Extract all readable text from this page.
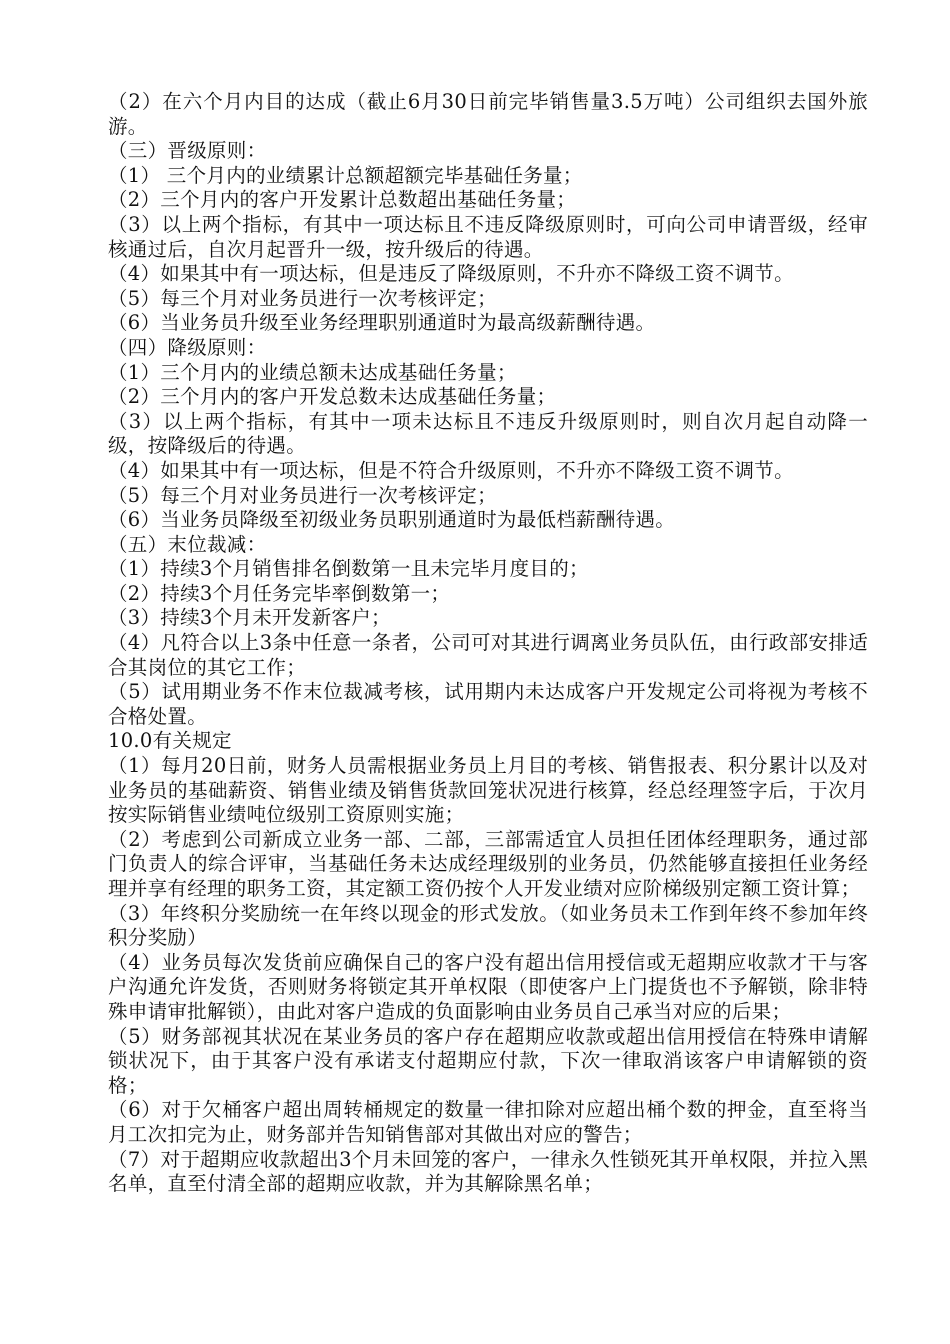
（2）在六个月内目的达成（截止6月30日前完毕销售量3.5万吨）公司组织去国外旅游。

（三）晋级原则：

（1） 三个月内的业绩累计总额超额完毕基础任务量；

（2）三个月内的客户开发累计总数超出基础任务量；

（3）以上两个指标，有其中一项达标且不违反降级原则时，可向公司申请晋级，经审核通过后，自次月起晋升一级，按升级后的待遇。

（4）如果其中有一项达标，但是违反了降级原则，不升亦不降级工资不调节。

（5）每三个月对业务员进行一次考核评定；

（6）当业务员升级至业务经理职别通道时为最高级薪酬待遇。

（四）降级原则：

（1）三个月内的业绩总额未达成基础任务量；

（2）三个月内的客户开发总数未达成基础任务量；

（3）以上两个指标，有其中一项未达标且不违反升级原则时，则自次月起自动降一级，按降级后的待遇。

（4）如果其中有一项达标，但是不符合升级原则，不升亦不降级工资不调节。

（5）每三个月对业务员进行一次考核评定；

（6）当业务员降级至初级业务员职别通道时为最低档薪酬待遇。

（五）末位裁减：

（1）持续3个月销售排名倒数第一且未完毕月度目的；

（2）持续3个月任务完毕率倒数第一；

（3）持续3个月未开发新客户；

（4）凡符合以上3条中任意一条者，公司可对其进行调离业务员队伍，由行政部安排适合其岗位的其它工作；

（5）试用期业务不作末位裁减考核，试用期内未达成客户开发规定公司将视为考核不合格处置。

10.0有关规定

（1）每月20日前，财务人员需根据业务员上月目的考核、销售报表、积分累计以及对业务员的基础薪资、销售业绩及销售货款回笼状况进行核算，经总经理签字后，于次月按实际销售业绩吨位级别工资原则实施；

（2）考虑到公司新成立业务一部、二部，三部需适宜人员担任团体经理职务，通过部门负责人的综合评审，当基础任务未达成经理级别的业务员，仍然能够直接担任业务经理并享有经理的职务工资，其定额工资仍按个人开发业绩对应阶梯级别定额工资计算；

（3）年终积分奖励统一在年终以现金的形式发放。（如业务员未工作到年终不参加年终积分奖励）

（4）业务员每次发货前应确保自己的客户没有超出信用授信或无超期应收款才干与客户沟通允许发货，否则财务将锁定其开单权限（即使客户上门提货也不予解锁，除非特殊申请审批解锁），由此对客户造成的负面影响由业务员自己承当对应的后果；

（5）财务部视其状况在某业务员的客户存在超期应收款或超出信用授信在特殊申请解锁状况下，由于其客户没有承诺支付超期应付款，下次一律取消该客户申请解锁的资格；

（6）对于欠桶客户超出周转桶规定的数量一律扣除对应超出桶个数的押金，直至将当月工次扣完为止，财务部并告知销售部对其做出对应的警告；

（7）对于超期应收款超出3个月未回笼的客户，一律永久性锁死其开单权限，并拉入黑名单，直至付清全部的超期应收款，并为其解除黑名单；
